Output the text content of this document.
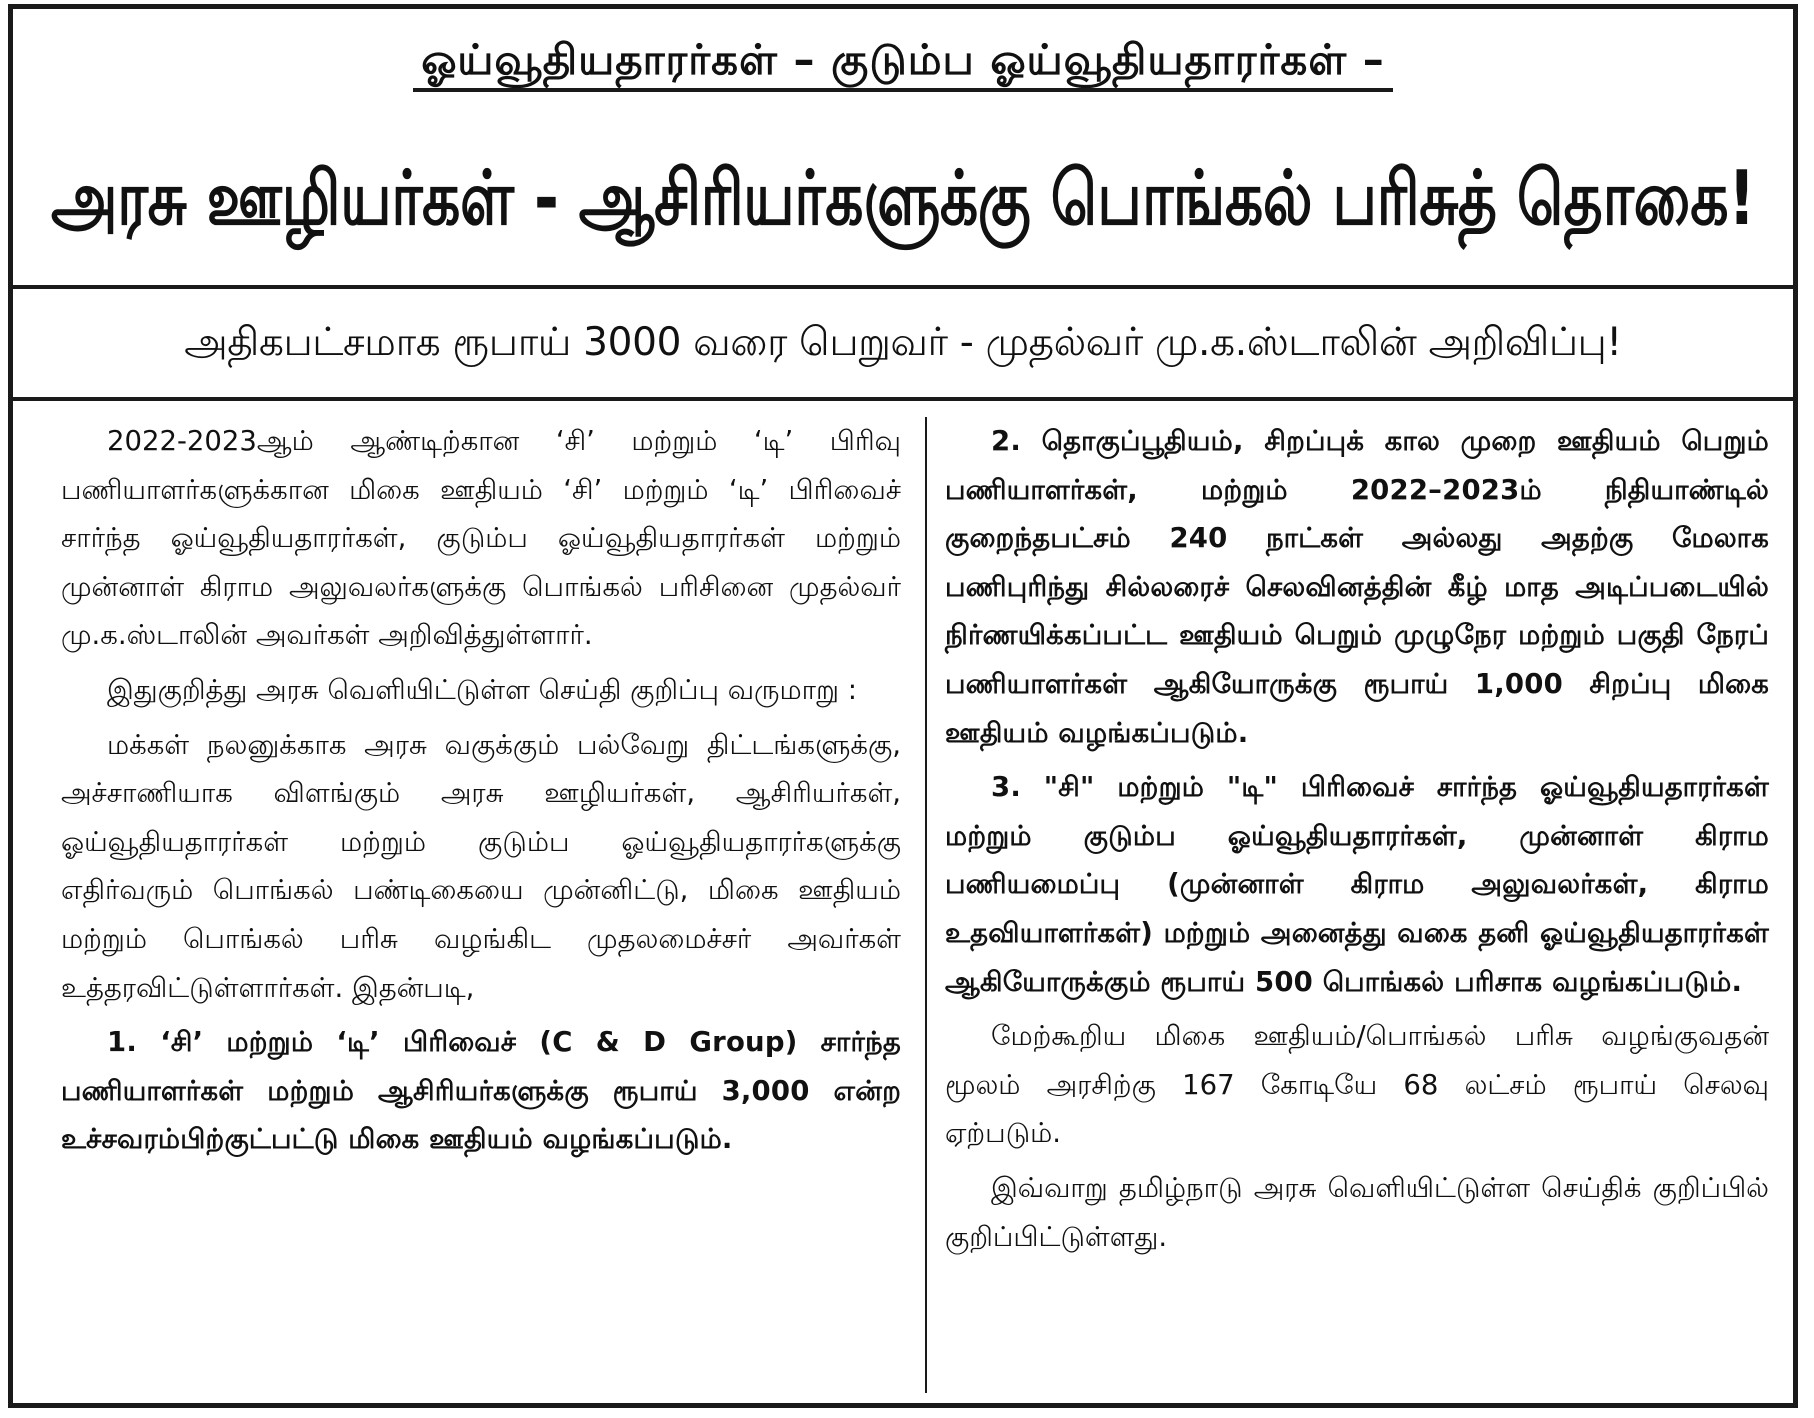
ஓய்வூதியதாரர்கள் – குடும்ப ஓய்வூதியதாரர்கள் –
அரசு ஊழியர்கள் - ஆசிரியர்களுக்கு பொங்கல் பரிசுத் தொகை!
அதிகபட்சமாக ரூபாய் 3000 வரை பெறுவர் - முதல்வர் மு.க.ஸ்டாலின் அறிவிப்பு!

2022-2023ஆம் ஆண்டிற்கான ‘சி’ மற்றும் ‘டி’ பிரிவு பணியாளர்களுக்கான மிகை ஊதியம் ‘சி’ மற்றும் ‘டி’ பிரிவைச் சார்ந்த ஓய்வூதியதாரர்கள், குடும்ப ஓய்வூதியதாரர்கள் மற்றும் முன்னாள் கிராம அலுவலர்களுக்கு பொங்கல் பரிசினை முதல்வர் மு.க.ஸ்டாலின் அவர்கள் அறிவித்துள்ளார்.

இதுகுறித்து அரசு வெளியிட்டுள்ள செய்தி குறிப்பு வருமாறு :

மக்கள் நலனுக்காக அரசு வகுக்கும் பல்வேறு திட்டங்களுக்கு, அச்சாணியாக விளங்கும் அரசு ஊழியர்கள், ஆசிரியர்கள், ஓய்வூதியதாரர்கள் மற்றும் குடும்ப ஓய்வூதியதாரர்களுக்கு எதிர்வரும் பொங்கல் பண்டிகையை முன்னிட்டு, மிகை ஊதியம் மற்றும் பொங்கல் பரிசு வழங்கிட முதலமைச்சர் அவர்கள் உத்தரவிட்டுள்ளார்கள். இதன்படி,

1. ‘சி’ மற்றும் ‘டி’ பிரிவைச் (C & D Group) சார்ந்த பணியாளர்கள் மற்றும் ஆசிரியர்களுக்கு ரூபாய் 3,000 என்ற உச்சவரம்பிற்குட்பட்டு மிகை ஊதியம் வழங்கப்படும்.

2. தொகுப்பூதியம், சிறப்புக் கால முறை ஊதியம் பெறும் பணியாளர்கள், மற்றும் 2022–2023ம் நிதியாண்டில் குறைந்தபட்சம் 240 நாட்கள் அல்லது அதற்கு மேலாக பணிபுரிந்து சில்லரைச் செலவினத்தின் கீழ் மாத அடிப்படையில் நிர்ணயிக்கப்பட்ட ஊதியம் பெறும் முழுநேர மற்றும் பகுதி நேரப் பணியாளர்கள் ஆகியோருக்கு ரூபாய் 1,000 சிறப்பு மிகை ஊதியம் வழங்கப்படும்.

3. "சி" மற்றும் "டி" பிரிவைச் சார்ந்த ஓய்வூதியதாரர்கள் மற்றும் குடும்ப ஓய்வூதியதாரர்கள், முன்னாள் கிராம பணியமைப்பு (முன்னாள் கிராம அலுவலர்கள், கிராம உதவியாளர்கள்) மற்றும் அனைத்து வகை தனி ஓய்வூதியதாரர்கள் ஆகியோருக்கும் ரூபாய் 500 பொங்கல் பரிசாக வழங்கப்படும்.

மேற்கூறிய மிகை ஊதியம்/பொங்கல் பரிசு வழங்குவதன் மூலம் அரசிற்கு 167 கோடியே 68 லட்சம் ரூபாய் செலவு ஏற்படும்.

இவ்வாறு தமிழ்நாடு அரசு வெளியிட்டுள்ள செய்திக் குறிப்பில் குறிப்பிட்டுள்ளது.
